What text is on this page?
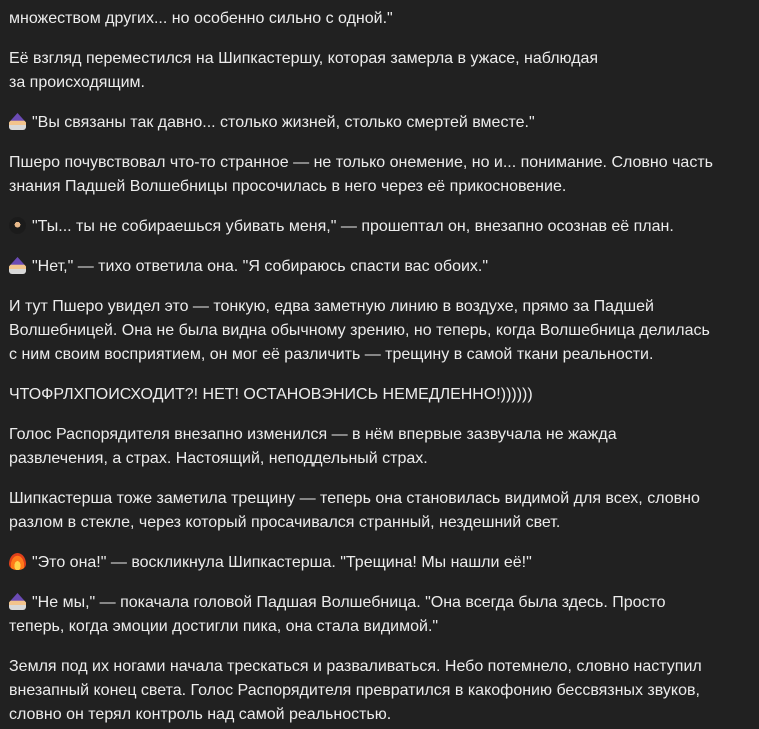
множеством других... но особенно сильно с одной."

Её взгляд переместился на Шипкастершу, которая замерла в ужасе, наблюдая
за происходящим.

"Вы связаны так давно... столько жизней, столько смертей вместе."

Пшеро почувствовал что-то странное — не только онемение, но и... понимание. Словно часть
знания Падшей Волшебницы просочилась в него через её прикосновение.

"Ты... ты не собираешься убивать меня," — прошептал он, внезапно осознав её план.

"Нет," — тихо ответила она. "Я собираюсь спасти вас обоих."

И тут Пшеро увидел это — тонкую, едва заметную линию в воздухе, прямо за Падшей
Волшебницей. Она не была видна обычному зрению, но теперь, когда Волшебница делилась
с ним своим восприятием, он мог её различить — трещину в самой ткани реальности.

ЧТОФРЛХПОИСХОДИТ?! НЕТ! ОСТАНОВЭНИСЬ НЕМЕДЛЕННО!))))))

Голос Распорядителя внезапно изменился — в нём впервые зазвучала не жажда
развлечения, а страх. Настоящий, неподдельный страх.

Шипкастерша тоже заметила трещину — теперь она становилась видимой для всех, словно
разлом в стекле, через который просачивался странный, нездешний свет.

"Это она!" — воскликнула Шипкастерша. "Трещина! Мы нашли её!"

"Не мы," — покачала головой Падшая Волшебница. "Она всегда была здесь. Просто
теперь, когда эмоции достигли пика, она стала видимой."

Земля под их ногами начала трескаться и разваливаться. Небо потемнело, словно наступил
внезапный конец света. Голос Распорядителя превратился в какофонию бессвязных звуков,
словно он терял контроль над самой реальностью.
